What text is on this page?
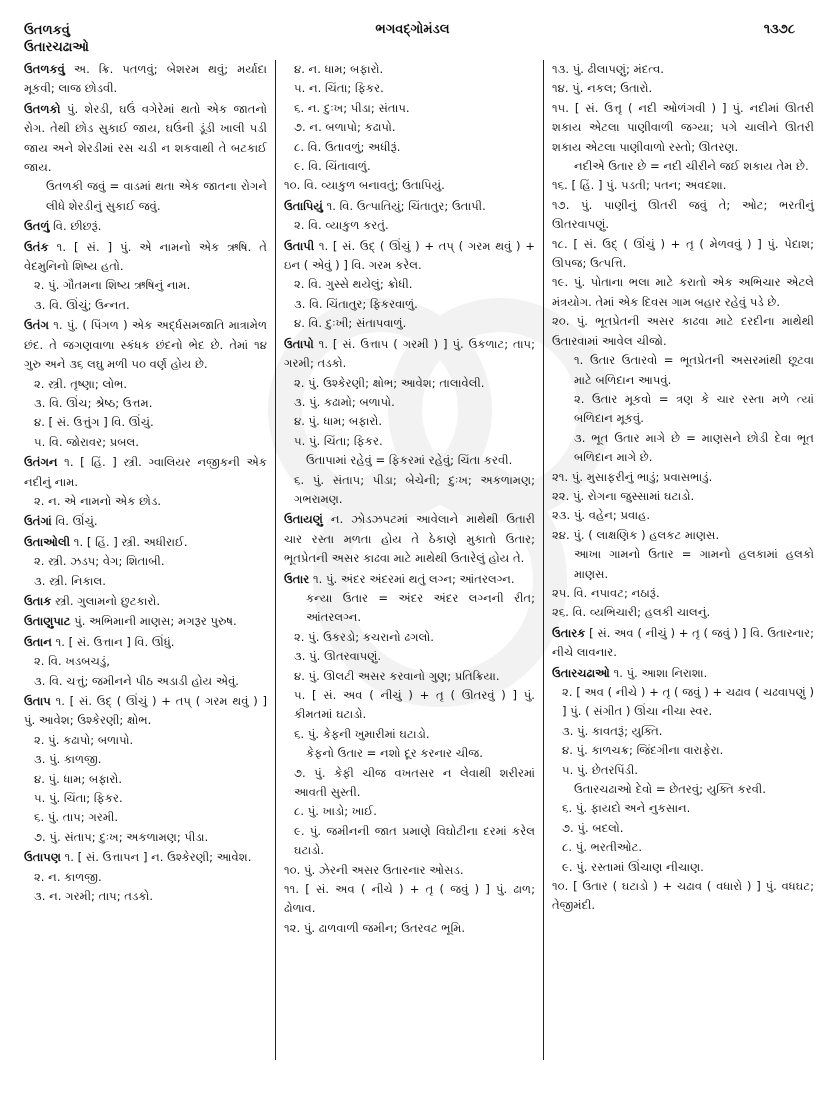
ઉતળકવું
ઉતારચઢાઓ
ભગવદ્ગોમંડલ	૧૩૭૮
ઉતળકવું અ. ક્રિ. પતળવું; બેશરમ થવું; મર્યાદા મૂકવી; લાજ છોડવી.
ઉતળકો પું. શેરડી, ઘઉં વગેરેમાં થતો એક જાતનો રોગ. તેથી છોડ સુકાઈ જાય, ઘઉંની ડૂંડી ખાલી પડી જાય અને શેરડીમાં રસ ચડી ન શકવાથી તે બટકાઈ જાય.
ઉતળકી જવું = વાડમાં થતા એક જાતના રોગને લીધે શેરડીનું સુકાઈ જવું.
ઉતળું વિ. છીછરૂં.
ઉતંક ૧. [ સં. ] પું. એ નામનો એક ઋષિ. તે વેદમુનિનો શિષ્ય હતો.
૨. પું. ગૌતમના શિષ્ય ઋષિનું નામ.
૩. વિ. ઊંચું; ઉન્નત.
ઉતંગ ૧. પું. ( પિંગળ ) એક અર્દ્ધસમજાતિ માત્રામેળ છંદ. તે જગણવાળા સ્કંધક છંદનો ભેદ છે. તેમાં ૧૪ ગુરુ અને ૩૬ લઘુ મળી ૫૦ વર્ણ હોય છે.
૨. સ્ત્રી. તૃષ્ણા; લોભ.
૩. વિ. ઊંચ; શ્રેષ્ઠ; ઉત્તમ.
૪. [ સં. ઉત્તુંગ ] વિ. ઊંચું.
૫. વિ. જોરાવર; પ્રબલ.
ઉતંગન ૧. [ હિં. ] સ્ત્રી. ગ્વાલિયર નજીકની એક નદીનું નામ.
૨. ન. એ નામનો એક છોડ.
ઉતંગાં વિ. ઊંચું.
ઉતાઓલી ૧. [ હિં. ] સ્ત્રી. અધીરાઈ.
૨. સ્ત્રી. ઝડપ; વેગ; શિતાબી.
૩. સ્ત્રી. નિકાલ.
ઉતાક સ્ત્રી. ગુલામનો છુટકારો.
ઉતાણુપાટ પું. અભિમાની માણસ; મગરૂર પુરુષ.
ઉતાન ૧. [ સં. ઉત્તાન ] વિ. ઊંધું.
૨. વિ. ખડબચડું,
૩. વિ. ચત્તું; જમીનને પીઠ અડાડી હોય એવું.
ઉતાપ ૧. [ સં. ઉદ્ ( ઊંચું ) + તપ્ ( ગરમ થવું ) ] પું. આવેશ; ઉશ્કેરણી; ક્ષોભ.
૨. પું. કઢાપો; બળાપો.
૩. પું. કાળજી.
૪. પું. ધામ; બફારો.
૫. પું. ચિંતા; ફિકર.
૬. પું. તાપ; ગરમી.
૭. પું. સંતાપ; દુઃખ; અકળામણ; પીડા.
ઉતાપણ ૧. [ સં. ઉત્તાપન ] ન. ઉશ્કેરણી; આવેશ.
૨. ન. કાળજી.
૩. ન. ગરમી; તાપ; તડકો.
૪. ન. ધામ; બફારો.
૫. ન. ચિંતા; ફિકર.
૬. ન. દુઃખ; પીડા; સંતાપ.
૭. ન. બળાપો; કઢાપો.
૮. વિ. ઉતાવળું; અધીરૂં.
૯. વિ. ચિંતાવાળું.
૧૦. વિ. વ્યાકુળ બનાવતું; ઉતાપિયું.
ઉતાપિયું ૧. વિ. ઉત્પાતિયું; ચિંતાતુર; ઉતાપી.
૨. વિ. વ્યાકુળ કરતું.
ઉતાપી ૧. [ સં. ઉદ્ ( ઊંચું ) + તપ્ ( ગરમ થવું ) + ઇન ( એવું ) ] વિ. ગરમ કરેલ.
૨. વિ. ગુસ્સે થયેલું; ક્રોધી.
૩. વિ. ચિંતાતુર; ફિકરવાળું.
૪. વિ. દુઃખી; સંતાપવાળું.
ઉતાપો ૧. [ સં. ઉત્તાપ ( ગરમી ) ] પું. ઉકળાટ; તાપ; ગરમી; તડકો.
૨. પું. ઉશ્કેરણી; ક્ષોભ; આવેશ; તાલાવેલી.
૩. પું. કઢામો; બળાપો.
૪. પું. ધામ; બફારો.
૫. પું. ચિંતા; ફિકર.
ઉતાપામાં રહેવું = ફિકરમાં રહેવું; ચિંતા કરવી.
૬. પું. સંતાપ; પીડા; બેચેની; દુઃખ; અકળામણ; ગભરામણ.
ઉતાયણું ન. ઝોડઝપટમાં આવેલાને માથેથી ઉતારી ચાર રસ્તા મળતા હોય તે ઠેકાણે મુકાતો ઉતાર; ભૂતપ્રેતની અસર કાઢવા માટે માથેથી ઉતારેલું હોય તે.
ઉતાર ૧. પું. અંદર અંદરમાં થતું લગ્ન; આંતરલગ્ન.
કન્યા ઉતાર = અંદર અંદર લગ્નની રીત; આંતરલગ્ન.
૨. પું. ઉકરડો; કચરાનો ઢગલો.
૩. પું. ઊતરવાપણું.
૪. પું. ઊલટી અસર કરવાનો ગુણ; પ્રતિક્રિયા.
૫. [ સં. અવ ( નીચું ) + તૃ ( ઊતરવું ) ] પું. કીમતમાં ઘટાડો.
૬. પું. કેફની ખુમારીમાં ઘટાડો.
કેફનો ઉતાર = નશો દૂર કરનાર ચીજ.
૭. પું. કેફી ચીજ વખતસર ન લેવાથી શરીરમાં આવતી સુસ્તી.
૮. પું. ખાડો; ખાઈ.
૯. પું. જમીનની જાત પ્રમાણે વિઘોટીના દરમાં કરેલ ઘટાડો.
૧૦. પું. ઝેરની અસર ઉતારનાર ઓસડ.
૧૧. [ સં. અવ ( નીચે ) + તૃ ( જવું ) ] પું. ઢાળ; ઢોળાવ.
૧૨. પું. ઢાળવાળી જમીન; ઉતરવટ ભૂમિ.
૧૩. પું. ઢીલાપણું; મંદત્વ.
૧૪. પું. નકલ; ઉતારો.
૧૫. [ સં. ઉત્તૃ ( નદી ઓળંગવી ) ] પું. નદીમાં ઊતરી શકાય એટલા પાણીવાળી જગ્યા; પગે ચાલીને ઊતરી શકાય એટલા પાણીવાળો રસ્તો; ઊતરણ.
નદીએ ઉતાર છે = નદી ચીરીને જઈ શકાય તેમ છે.
૧૬. [ હિં. ] પું. પડતી; પતન; અવદશા.
૧૭. પું. પાણીનું ઊતરી જવું તે; ઓટ; ભરતીનું ઊતરવાપણું.
૧૮. [ સં. ઉદ્ ( ઊંચું ) + તૃ ( મેળવવું ) ] પું. પેદાશ; ઊપજ; ઉત્પત્તિ.
૧૯. પું. પોતાના ભલા માટે કરાતો એક અભિચાર એટલે મંત્રયોગ. તેમાં એક દિવસ ગામ બહાર રહેવું પડે છે.
૨૦. પું. ભૂતપ્રેતની અસર કાઢવા માટે દરદીના માથેથી ઉતારવામાં આવેલ ચીજો.
૧. ઉતાર ઉતારવો = ભૂતપ્રેતની અસરમાંથી છૂટવા માટે બળિદાન આપવું.
૨. ઉતાર મૂકવો = ત્રણ કે ચાર રસ્તા મળે ત્યાં બળિદાન મૂકવું.
૩. ભૂત ઉતાર માગે છે = માણસને છોડી દેવા ભૂત બળિદાન માગે છે.
૨૧. પું. મુસાફરીનું ભાડું; પ્રવાસભાડું.
૨૨. પું. રોગના જુસ્સામાં ઘટાડો.
૨૩. પું. વહેન; પ્રવાહ.
૨૪. પું. ( લાક્ષણિક ) હલકટ માણસ.
આખા ગામનો ઉતાર = ગામનો હલકામાં હલકો માણસ.
૨૫. વિ. નપાવટ; નઠારૂં.
૨૬. વિ. વ્યભિચારી; હલકી ચાલનું.
ઉતારક [ સં. અવ ( નીચું ) + તૃ ( જવું ) ] વિ. ઉતારનાર; નીચે લાવનાર.
ઉતારચઢાઓ ૧. પું. આશા નિરાશા.
૨. [ અવ ( નીચે ) + તૃ ( જવું ) + ચઢાવ ( ચઢવાપણું ) ] પું. ( સંગીત ) ઊંચા નીચા સ્વર.
૩. પું. કાવતરૂં; યુક્તિ.
૪. પું. કાળચક્ર; જિંદગીના વારાફેરા.
૫. પું. છેતરપિંડી.
ઉતારચઢાઓ દેવો = છેતરવું; યુક્તિ કરવી.
૬. પું. ફાયદો અને નુકસાન.
૭. પું. બદલો.
૮. પું. ભરતીઓટ.
૯. પું. રસ્તામાં ઊંચાણ નીચાણ.
૧૦. [ ઉતાર ( ઘટાડો ) + ચઢાવ ( વધારો ) ] પું. વધઘટ; તેજીમંદી.
